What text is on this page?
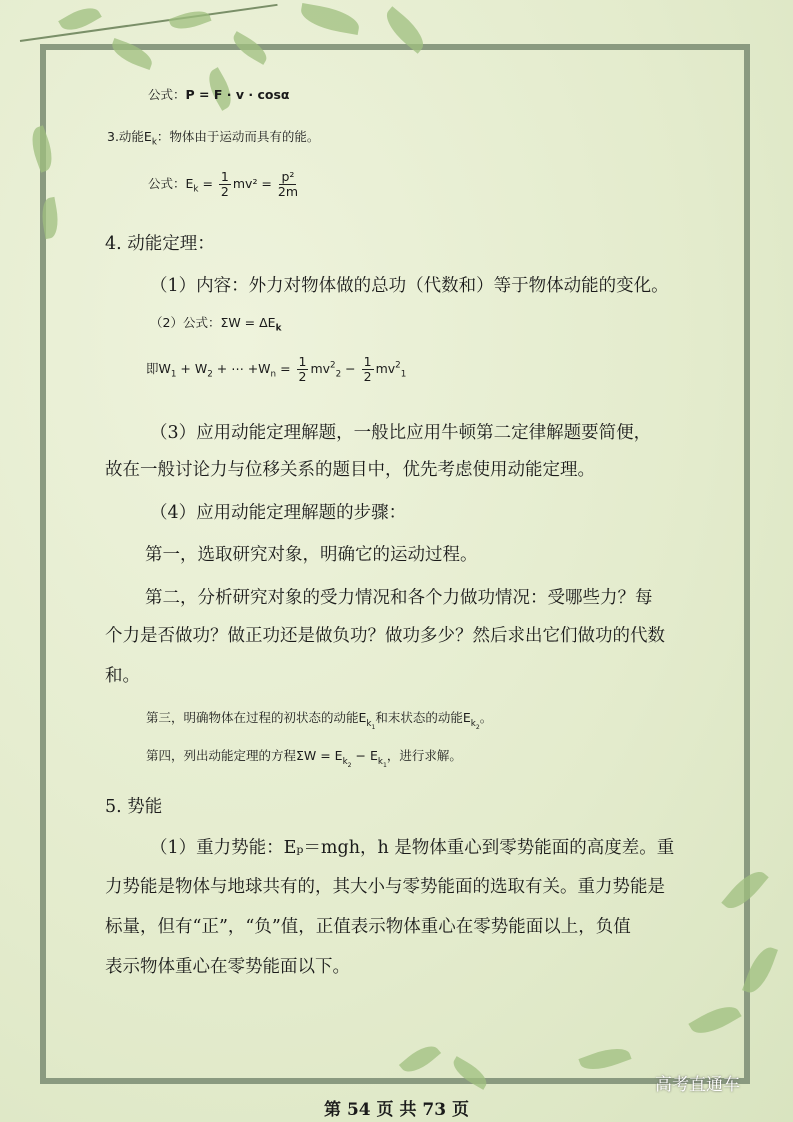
公式：P = F · v · cosα
3.动能$E_k$：物体由于运动而具有的能。
公式：$E_k = \frac{1}{2} mv^2 = \frac{\text{p²}}{2m}$
4. 动能定理：
（1）内容：外力对物体做的总功（代数和）等于物体动能的变化。
（2）公式：$\Sigma W = \Delta E_k$
即$W_1 + W_2$ + ⋯ $+W_n = \frac{1}{2} mv^2_2 - \frac{1}{2} mv^2_1$
（3）应用动能定理解题，一般比应用牛顿第二定律解题要简便，
故在一般讨论力与位移关系的题目中，优先考虑使用动能定理。
（4）应用动能定理解题的步骤：
第一，选取研究对象，明确它的运动过程。
第二，分析研究对象的受力情况和各个力做功情况：受哪些力？每
个力是否做功？做正功还是做负功？做功多少？然后求出它们做功的代数
和。
第三，明确物体在过程的初状态的动能$E_{k_1}$和末状态的动能$E_{k_2}$。
第四，列出动能定理的方程$\Sigma W = E_{k_2} - E_{k_1}$，进行求解。
5. 势能
（1）重力势能：Eₚ＝mgh，h 是物体重心到零势能面的高度差。重
力势能是物体与地球共有的，其大小与零势能面的选取有关。重力势能是
标量，但有“正”，“负”值，正值表示物体重心在零势能面以上，负值
表示物体重心在零势能面以下。
高考直通车
第 54 页 共 73 页
